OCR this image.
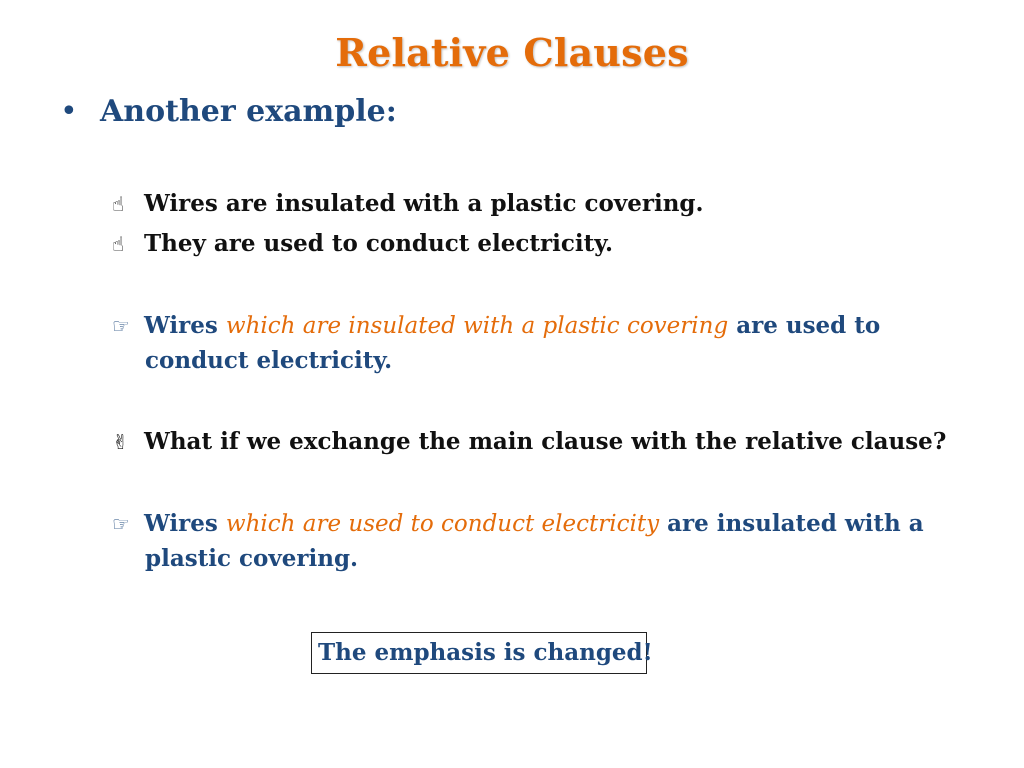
Relative Clauses
• Another example:
☝ Wires are insulated with a plastic covering.
☝ They are used to conduct electricity.
☞ Wires which are insulated with a plastic covering are used to
conduct electricity.
✌ What if we exchange the main clause with the relative clause?
☞ Wires which are used to conduct electricity are insulated with a
plastic covering.
The emphasis is changed!
